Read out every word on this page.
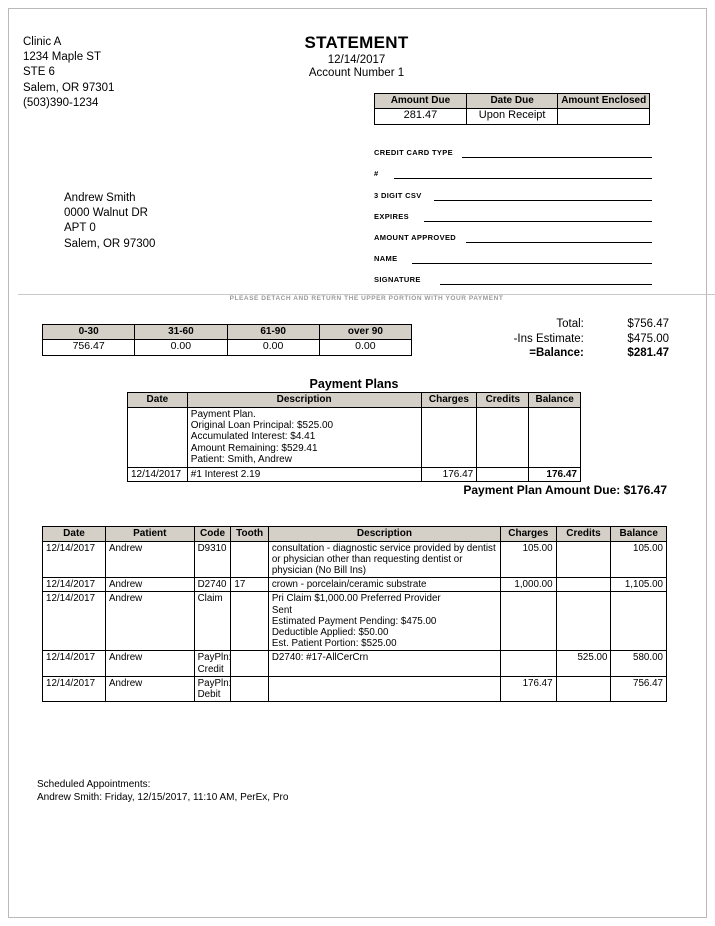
Clinic A
1234 Maple ST
STE 6
Salem, OR 97301
(503)390-1234
STATEMENT
12/14/2017
Account Number 1
Amount Due	Date Due	Amount Enclosed
281.47	Upon Receipt	
CREDIT CARD TYPE
#
3 DIGIT CSV
EXPIRES
AMOUNT APPROVED
NAME
SIGNATURE
Andrew Smith
0000 Walnut DR
APT 0
Salem, OR 97300
PLEASE DETACH AND RETURN THE UPPER PORTION WITH YOUR PAYMENT
0-30	31-60	61-90	over 90
756.47	0.00	0.00	0.00
Total:	$756.47
-Ins Estimate:	$475.00
=Balance:	$281.47
Payment Plans
Date	Description	Charges	Credits	Balance
	Payment Plan.
Original Loan Principal: $525.00
Accumulated Interest: $4.41
Amount Remaining: $529.41
Patient: Smith, Andrew			
12/14/2017	#1 Interest 2.19	176.47		176.47
Payment Plan Amount Due: $176.47
Date	Patient	Code	Tooth	Description	Charges	Credits	Balance
12/14/2017	Andrew	D9310		consultation - diagnostic service provided by dentist or physician other than requesting dentist or physician (No Bill Ins)	105.00		105.00
12/14/2017	Andrew	D2740	17	crown - porcelain/ceramic substrate	1,000.00		1,105.00
12/14/2017	Andrew	Claim		Pri Claim $1,000.00 Preferred Provider
Sent
Estimated Payment Pending: $475.00
Deductible Applied: $50.00
Est. Patient Portion: $525.00			
12/14/2017	Andrew	PayPln:
Credit		D2740: #17-AllCerCrn		525.00	580.00
12/14/2017	Andrew	PayPln:
Debit			176.47		756.47
Scheduled Appointments:
Andrew Smith: Friday, 12/15/2017, 11:10 AM, PerEx, Pro
